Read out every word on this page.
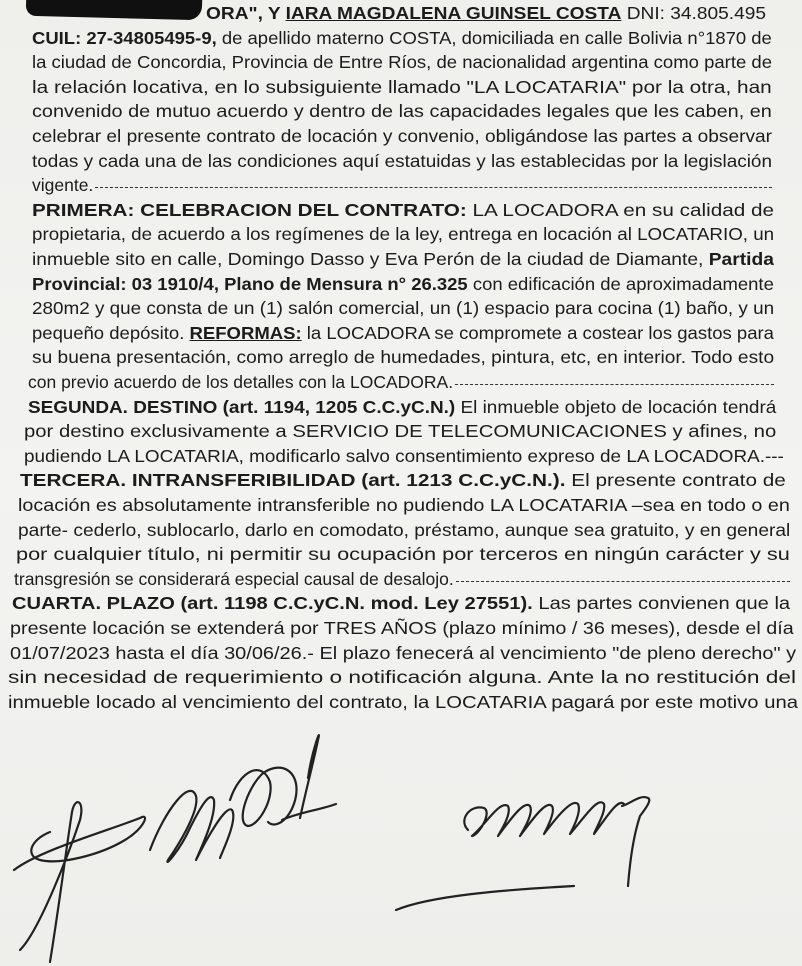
ORA", Y IARA MAGDALENA GUINSEL COSTA DNI: 34.805.495
CUIL: 27-34805495-9, de apellido materno COSTA, domiciliada en calle Bolivia n°1870 de
la ciudad de Concordia, Provincia de Entre Ríos, de nacionalidad argentina como parte de
la relación locativa, en lo subsiguiente llamado "LA LOCATARIA" por la otra, han
convenido de mutuo acuerdo y dentro de las capacidades legales que les caben, en
celebrar el presente contrato de locación y convenio, obligándose las partes a observar
todas y cada una de las condiciones aquí estatuidas y las establecidas por la legislación
vigente.
PRIMERA: CELEBRACION DEL CONTRATO: LA LOCADORA en su calidad de
propietaria, de acuerdo a los regímenes de la ley, entrega en locación al LOCATARIO, un
inmueble sito en calle, Domingo Dasso y Eva Perón de la ciudad de Diamante, Partida
Provincial: 03 1910/4, Plano de Mensura n° 26.325 con edificación de aproximadamente
280m2 y que consta de un (1) salón comercial, un (1) espacio para cocina (1) baño, y un
pequeño depósito. REFORMAS: la LOCADORA se compromete a costear los gastos para
su buena presentación, como arreglo de humedades, pintura, etc, en interior. Todo esto
con previo acuerdo de los detalles con la LOCADORA.
SEGUNDA. DESTINO (art. 1194, 1205 C.C.yC.N.) El inmueble objeto de locación tendrá
por destino exclusivamente a SERVICIO DE TELECOMUNICACIONES y afines, no
pudiendo LA LOCATARIA, modificarlo salvo consentimiento expreso de LA LOCADORA.---
TERCERA. INTRANSFERIBILIDAD (art. 1213 C.C.yC.N.). El presente contrato de
locación es absolutamente intransferible no pudiendo LA LOCATARIA –sea en todo o en
parte- cederlo, sublocarlo, darlo en comodato, préstamo, aunque sea gratuito, y en general
por cualquier título, ni permitir su ocupación por terceros en ningún carácter y su
transgresión se considerará especial causal de desalojo.
CUARTA. PLAZO (art. 1198 C.C.yC.N. mod. Ley 27551). Las partes convienen que la
presente locación se extenderá por TRES AÑOS (plazo mínimo / 36 meses), desde el día
01/07/2023 hasta el día 30/06/26.- El plazo fenecerá al vencimiento "de pleno derecho" y
sin necesidad de requerimiento o notificación alguna. Ante la no restitución del
inmueble locado al vencimiento del contrato, la LOCATARIA pagará por este motivo una
